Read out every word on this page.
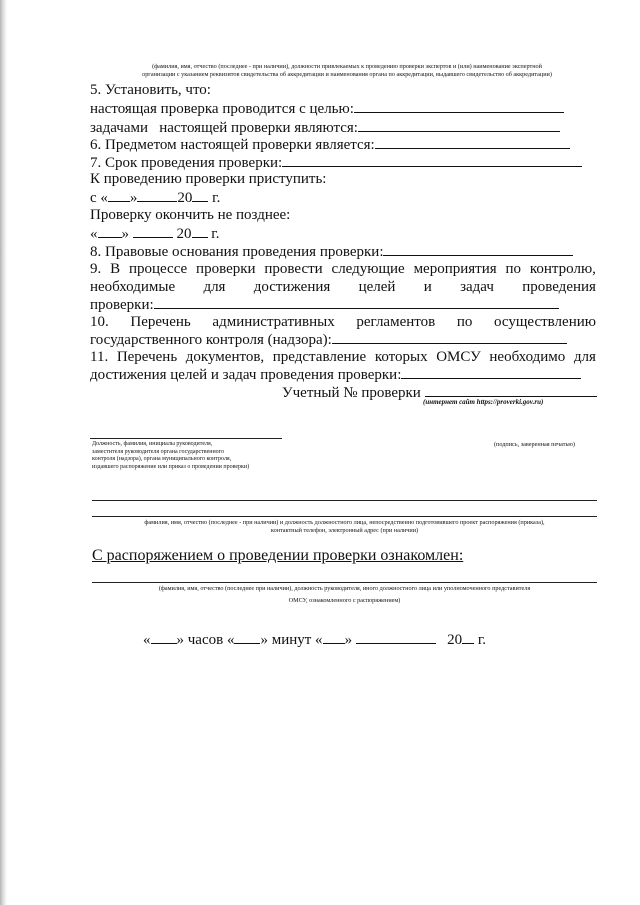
(фамилия, имя, отчество (последнее - при наличии), должности привлекаемых к проведению проверки экспертов и (или) наименование экспертной
организации с указанием реквизитов свидетельства об аккредитации и наименования органа по аккредитации, выдавшего свидетельство об аккредитации)
5. Установить, что:
настоящая проверка проводится с целью:
задачами настоящей проверки являются:
6. Предметом настоящей проверки является:
7. Срок проведения проверки:
К проведению проверки приступить:
с « »	20 г.
Проверку окончить не позднее:
« »	20 г.
8. Правовые основания проведения проверки:
9. В процессе проверки провести следующие мероприятия по контролю,
необходимые для достижения целей и задач проведения
проверки:
10. Перечень административных регламентов по осуществлению
государственного контроля (надзора):
11. Перечень документов, представление которых ОМСУ необходимо для
достижения целей и задач проведения проверки:
Учетный № проверки
(интернет сайт https://proverki.gov.ru)
Должность, фамилия, инициалы руководителя,
заместителя руководителя органа государственного
контроля (надзора), органа муниципального контроля,
издавшего распоряжение или приказ о проведении проверки)
(подпись, заверенная печатью)
фамилия, имя, отчество (последнее - при наличии) и должность должностного лица, непосредственно подготовившего проект распоряжения (приказа),
контактный телефон, электронный адрес (при наличии)
С распоряжением о проведении проверки ознакомлен:
(фамилия, имя, отчество (последнее при наличии), должность руководителя, иного должностного лица или уполномоченного представителя
ОМСУ, ознакомленного с распоряжением)
« » часов « » минут « »	20 г.
